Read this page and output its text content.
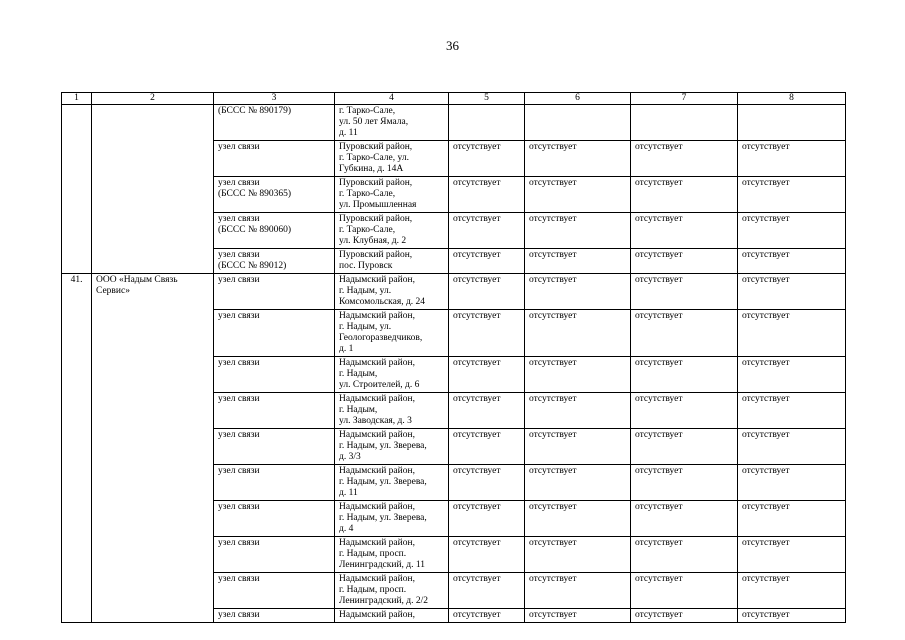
36
1	2	3	4	5	6	7	8
		(БССС № 890179)	г. Тарко-Сале,
ул. 50 лет Ямала,
д. 11				
		узел связи	Пуровский район,
г. Тарко-Сале, ул.
Губкина, д. 14А	отсутствует	отсутствует	отсутствует	отсутствует
		узел связи
(БССС № 890365)	Пуровский район,
г. Тарко-Сале,
ул. Промышленная	отсутствует	отсутствует	отсутствует	отсутствует
		узел связи
(БССС № 890060)	Пуровский район,
г. Тарко-Сале,
ул. Клубная, д. 2	отсутствует	отсутствует	отсутствует	отсутствует
		узел связи
(БССС № 89012)	Пуровский район,
пос. Пуровск	отсутствует	отсутствует	отсутствует	отсутствует
41.	ООО «Надым Связь Сервис»	узел связи	Надымский район,
г. Надым, ул.
Комсомольская, д. 24	отсутствует	отсутствует	отсутствует	отсутствует
		узел связи	Надымский район,
г. Надым, ул.
Геологоразведчиков,
д. 1	отсутствует	отсутствует	отсутствует	отсутствует
		узел связи	Надымский район,
г. Надым,
ул. Строителей, д. 6	отсутствует	отсутствует	отсутствует	отсутствует
		узел связи	Надымский район,
г. Надым,
ул. Заводская, д. 3	отсутствует	отсутствует	отсутствует	отсутствует
		узел связи	Надымский район,
г. Надым, ул. Зверева,
д. 3/3	отсутствует	отсутствует	отсутствует	отсутствует
		узел связи	Надымский район,
г. Надым, ул. Зверева,
д. 11	отсутствует	отсутствует	отсутствует	отсутствует
		узел связи	Надымский район,
г. Надым, ул. Зверева,
д. 4	отсутствует	отсутствует	отсутствует	отсутствует
		узел связи	Надымский район,
г. Надым, просп.
Ленинградский, д. 11	отсутствует	отсутствует	отсутствует	отсутствует
		узел связи	Надымский район,
г. Надым, просп.
Ленинградский, д. 2/2	отсутствует	отсутствует	отсутствует	отсутствует
		узел связи	Надымский район,	отсутствует	отсутствует	отсутствует	отсутствует
